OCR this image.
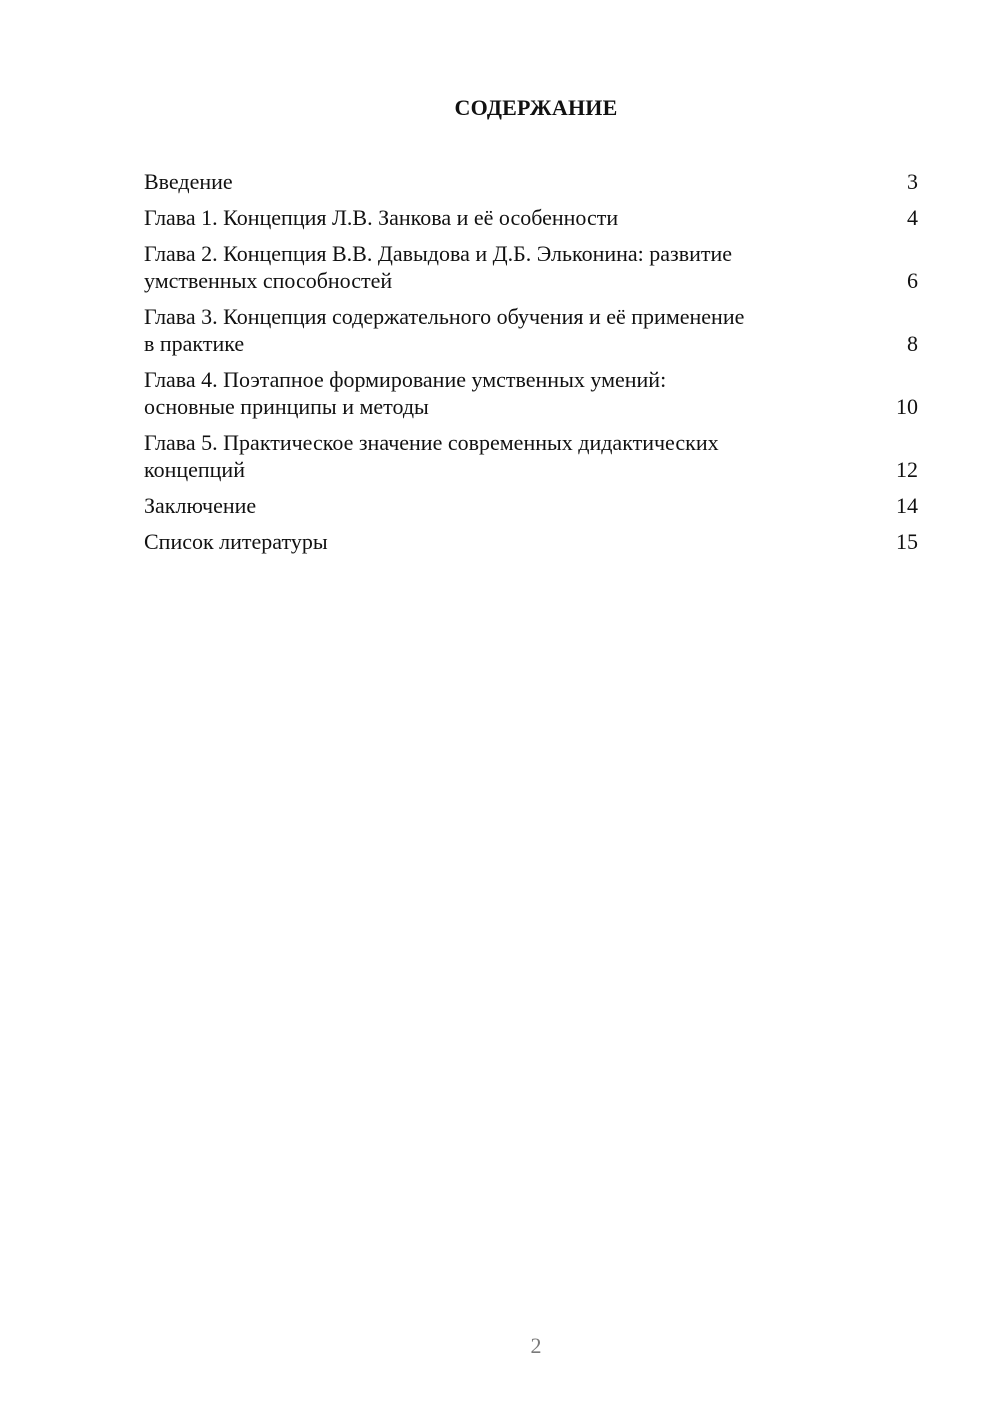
СОДЕРЖАНИЕ
Введение	3
Глава 1. Концепция Л.В. Занкова и её особенности	4
Глава 2. Концепция В.В. Давыдова и Д.Б. Эльконина: развитие
умственных способностей	6
Глава 3. Концепция содержательного обучения и её применение
в практике	8
Глава 4. Поэтапное формирование умственных умений:
основные принципы и методы	10
Глава 5. Практическое значение современных дидактических
концепций	12
Заключение	14
Список литературы	15
2
